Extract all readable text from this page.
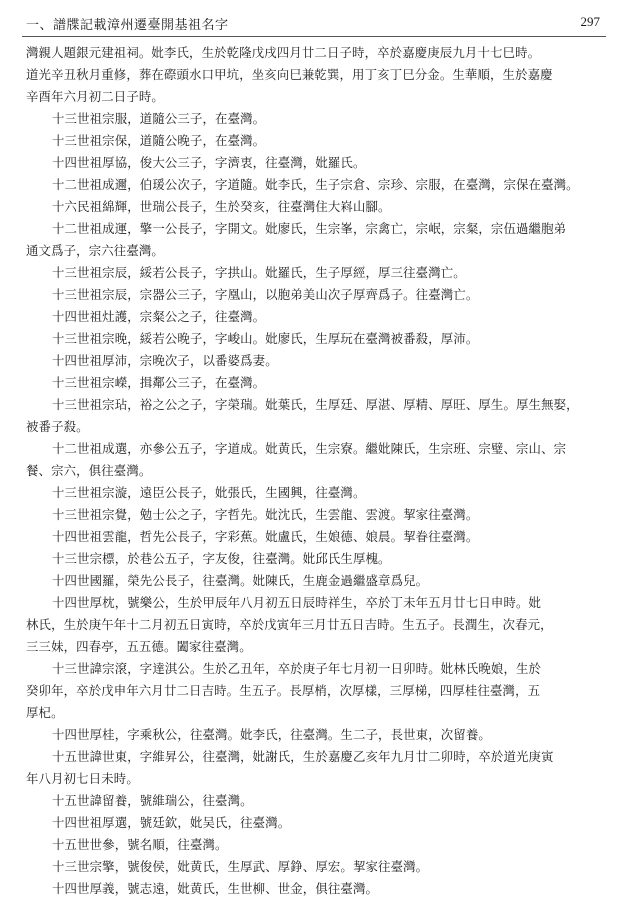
一、譜牒記載漳州遷臺開基祖名字	297
灣親人題銀元建祖祠。妣李氏，生於乾隆戊戌四月廿二日子時，卒於嘉慶庚辰九月十七巳時。
道光辛丑秋月重修，葬在磜頭水口甲坑，坐亥向巳兼乾巽，用丁亥丁巳分金。生華順，生於嘉慶
辛酉年六月初二日子時。
十三世祖宗服，道隨公三子，在臺灣。
十三世祖宗保，道隨公晚子，在臺灣。
十四世祖厚協，俊大公三子，字濟衷，往臺灣，妣羅氏。
十二世祖成邇，伯瑗公次子，字道隨。妣李氏，生子宗倉、宗珍、宗服，在臺灣，宗保在臺灣。
十六民祖綿輝，世瑞公長子，生於癸亥，往臺灣住大嵙山腳。
十二世祖成運，擎一公長子，字開文。妣廖氏，生宗峯，宗禽亡，宗岷，宗粲，宗伍過繼胞弟
通文爲子，宗六往臺灣。
十三世祖宗辰，綏若公長子，字拱山。妣羅氏，生子厚經，厚三往臺灣亡。
十三世祖宗辰，宗器公三子，字凰山，以胞弟美山次子厚齊爲子。往臺灣亡。
十四世祖灶護，宗粲公之子，往臺灣。
十三世祖宗晚，綏若公晚子，字峻山。妣廖氏，生厚玩在臺灣被番殺，厚沛。
十四世祖厚沛，宗晚次子，以番婆爲妻。
十三世祖宗嶸，揖鄰公三子，在臺灣。
十三世祖宗玷，裕之公之子，字榮瑞。妣葉氏，生厚廷、厚湛、厚精、厚旺、厚生。厚生無娶，
被番子殺。
十二世祖成選，亦參公五子，字道成。妣黄氏，生宗寮。繼妣陳氏，生宗班、宗璧、宗山、宗
餐、宗六，俱往臺灣。
十三世祖宗漩，遠臣公長子，妣張氏，生國興，往臺灣。
十三世祖宗覺，勉士公之子，字哲先。妣沈氏，生雲龍、雲渡。挈家往臺灣。
十四世祖雲龍，哲先公長子，字彩蕉。妣盧氏，生娘德、娘晨。挈眷往臺灣。
十三世宗標，於巷公五子，字友俊，往臺灣。妣邱氏生厚槐。
十四世國羅，榮先公長子，往臺灣。妣陳氏，生鹿金過繼盛章爲兒。
十四世厚枕，號樂公，生於甲辰年八月初五日辰時祥生，卒於丁未年五月廿七日申時。妣
林氏，生於庚午年十二月初五日寅時，卒於戊寅年三月廿五日吉時。生五子。長潤生，次春元，
三三妹，四春亭，五五德。闔家往臺灣。
十三世諱宗滾，字達淇公。生於乙丑年，卒於庚子年七月初一日卯時。妣林氏晚娘，生於
癸卯年，卒於戊申年六月廿二日吉時。生五子。長厚梢，次厚樣，三厚梯，四厚桂往臺灣，五
厚杞。
十四世厚桂，字乘秋公，往臺灣。妣李氏，往臺灣。生二子，長世東，次留養。
十五世諱世東，字維昇公，往臺灣，妣謝氏，生於嘉慶乙亥年九月廿二卯時，卒於道光庚寅
年八月初七日未時。
十五世諱留養，號維瑞公，往臺灣。
十四世祖厚選，號廷欽，妣吴氏，往臺灣。
十五世世參，號名順，往臺灣。
十三世宗擎，號俊侯，妣黄氏，生厚武、厚錚、厚宏。挈家往臺灣。
十四世厚義，號志遠，妣黄氏，生世柳、世金，俱往臺灣。
